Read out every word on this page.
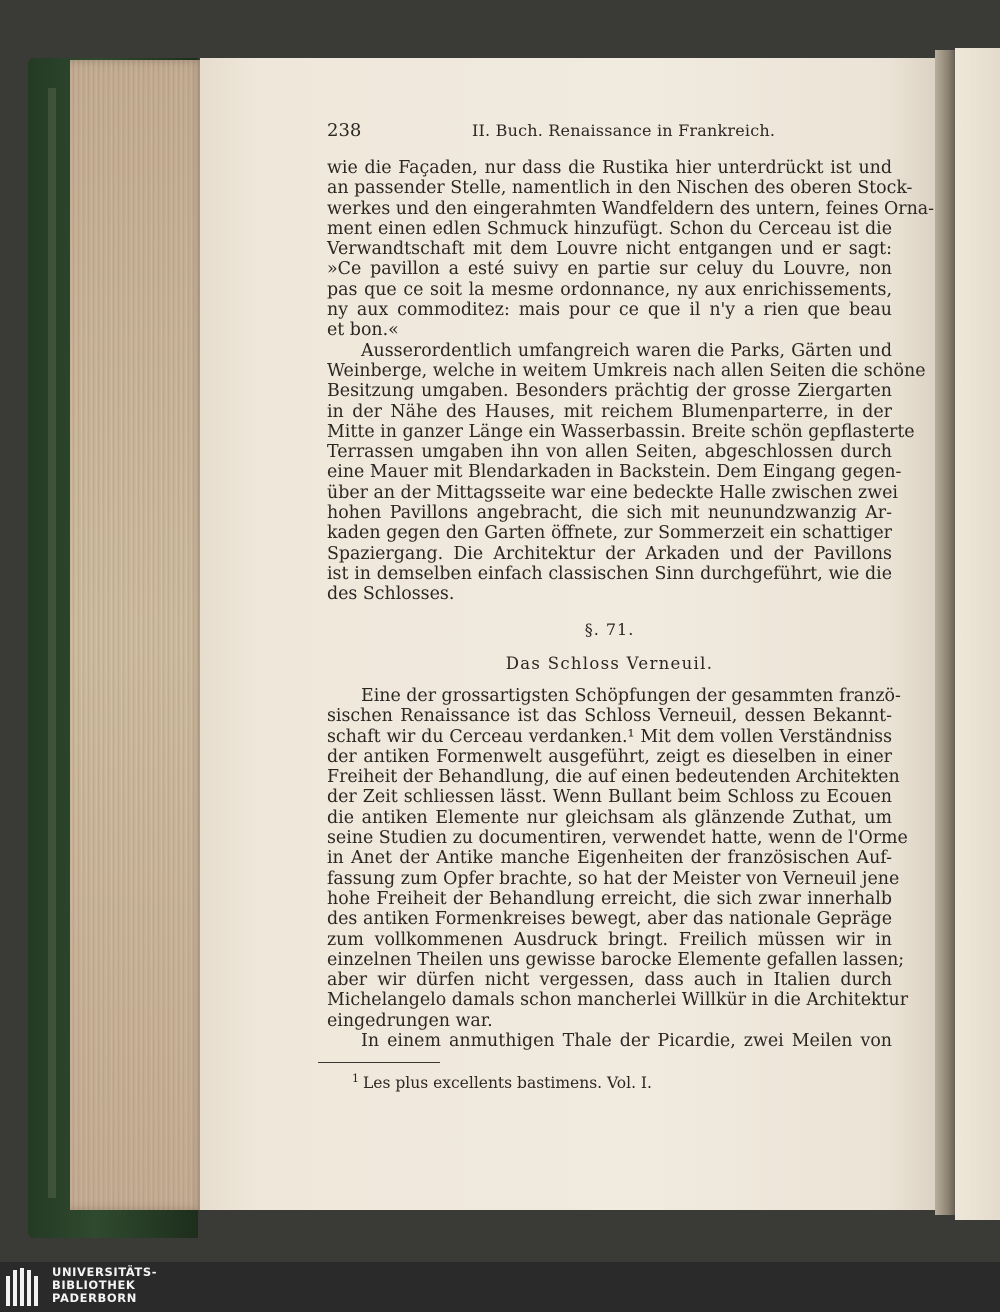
238	II. Buch. Renaissance in Frankreich.
wie die Façaden, nur dass die Rustika hier unterdrückt ist und
an passender Stelle, namentlich in den Nischen des oberen Stock-
werkes und den eingerahmten Wandfeldern des untern, feines Orna-
ment einen edlen Schmuck hinzufügt. Schon du Cerceau ist die
Verwandtschaft mit dem Louvre nicht entgangen und er sagt:
»Ce pavillon a esté suivy en partie sur celuy du Louvre, non
pas que ce soit la mesme ordonnance, ny aux enrichissements,
ny aux commoditez: mais pour ce que il n'y a rien que beau
et bon.«
Ausserordentlich umfangreich waren die Parks, Gärten und
Weinberge, welche in weitem Umkreis nach allen Seiten die schöne
Besitzung umgaben. Besonders prächtig der grosse Ziergarten
in der Nähe des Hauses, mit reichem Blumenparterre, in der
Mitte in ganzer Länge ein Wasserbassin. Breite schön gepflasterte
Terrassen umgaben ihn von allen Seiten, abgeschlossen durch
eine Mauer mit Blendarkaden in Backstein. Dem Eingang gegen-
über an der Mittagsseite war eine bedeckte Halle zwischen zwei
hohen Pavillons angebracht, die sich mit neunundzwanzig Ar-
kaden gegen den Garten öffnete, zur Sommerzeit ein schattiger
Spaziergang. Die Architektur der Arkaden und der Pavillons
ist in demselben einfach classischen Sinn durchgeführt, wie die
des Schlosses.
§. 71.
Das Schloss Verneuil.
Eine der grossartigsten Schöpfungen der gesammten franzö-
sischen Renaissance ist das Schloss Verneuil, dessen Bekannt-
schaft wir du Cerceau verdanken.¹ Mit dem vollen Verständniss
der antiken Formenwelt ausgeführt, zeigt es dieselben in einer
Freiheit der Behandlung, die auf einen bedeutenden Architekten
der Zeit schliessen lässt. Wenn Bullant beim Schloss zu Ecouen
die antiken Elemente nur gleichsam als glänzende Zuthat, um
seine Studien zu documentiren, verwendet hatte, wenn de l'Orme
in Anet der Antike manche Eigenheiten der französischen Auf-
fassung zum Opfer brachte, so hat der Meister von Verneuil jene
hohe Freiheit der Behandlung erreicht, die sich zwar innerhalb
des antiken Formenkreises bewegt, aber das nationale Gepräge
zum vollkommenen Ausdruck bringt. Freilich müssen wir in
einzelnen Theilen uns gewisse barocke Elemente gefallen lassen;
aber wir dürfen nicht vergessen, dass auch in Italien durch
Michelangelo damals schon mancherlei Willkür in die Architektur
eingedrungen war.
In einem anmuthigen Thale der Picardie, zwei Meilen von
$^1$ Les plus excellents bastimens. Vol. I.
UNIVERSITÄTS-
BIBLIOTHEK
PADERBORN
